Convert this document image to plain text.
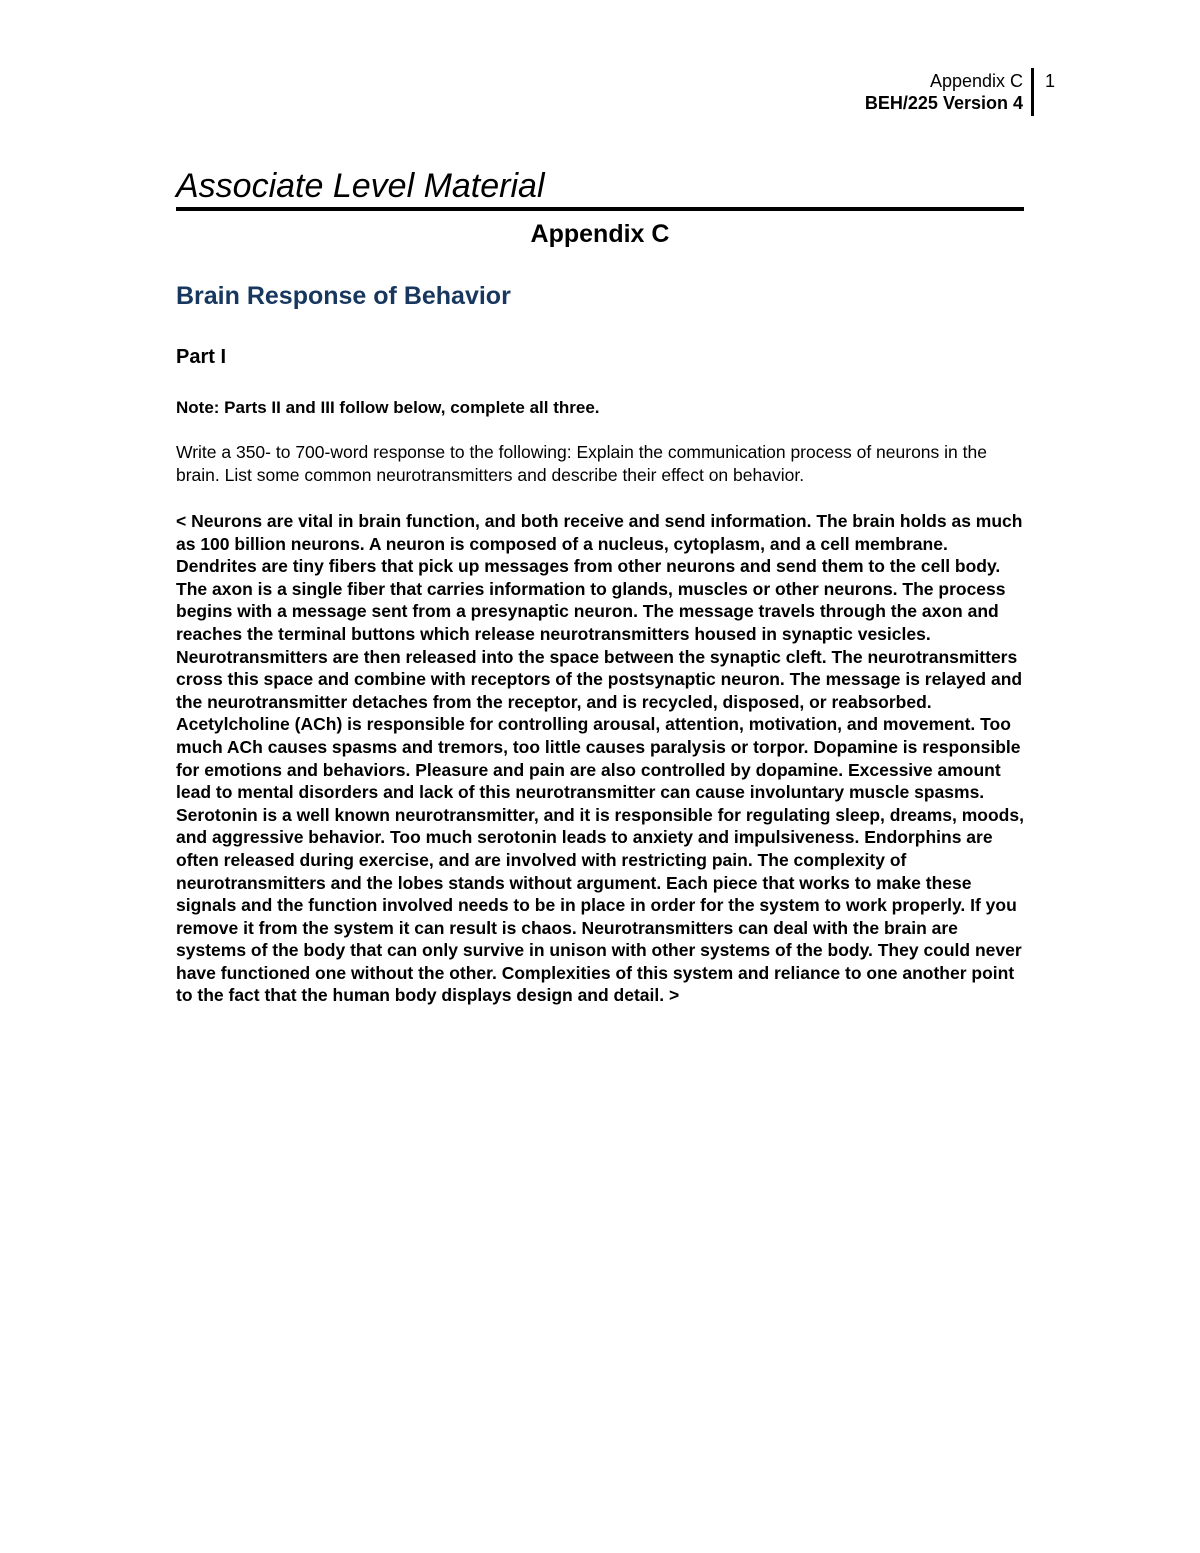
Appendix C
BEH/225 Version 4
1
Associate Level Material
Appendix C
Brain Response of Behavior
Part I

Note: Parts II and III follow below, complete all three.

Write a 350- to 700-word response to the following: Explain the communication process of neurons in the brain. List some common neurotransmitters and describe their effect on behavior.

< Neurons are vital in brain function, and both receive and send information. The brain holds as much as 100 billion neurons. A neuron is composed of a nucleus, cytoplasm, and a cell membrane. Dendrites are tiny fibers that pick up messages from other neurons and send them to the cell body. The axon is a single fiber that carries information to glands, muscles or other neurons. The process begins with a message sent from a presynaptic neuron. The message travels through the axon and reaches the terminal buttons which release neurotransmitters housed in synaptic vesicles. Neurotransmitters are then released into the space between the synaptic cleft. The neurotransmitters cross this space and combine with receptors of the postsynaptic neuron. The message is relayed and the neurotransmitter detaches from the receptor, and is recycled, disposed, or reabsorbed. Acetylcholine (ACh) is responsible for controlling arousal, attention, motivation, and movement. Too much ACh causes spasms and tremors, too little causes paralysis or torpor. Dopamine is responsible for emotions and behaviors. Pleasure and pain are also controlled by dopamine. Excessive amount lead to mental disorders and lack of this neurotransmitter can cause involuntary muscle spasms. Serotonin is a well known neurotransmitter, and it is responsible for regulating sleep, dreams, moods, and aggressive behavior. Too much serotonin leads to anxiety and impulsiveness. Endorphins are often released during exercise, and are involved with restricting pain. The complexity of neurotransmitters and the lobes stands without argument. Each piece that works to make these signals and the function involved needs to be in place in order for the system to work properly. If you remove it from the system it can result is chaos. Neurotransmitters can deal with the brain are systems of the body that can only survive in unison with other systems of the body. They could never have functioned one without the other. Complexities of this system and reliance to one another point to the fact that the human body displays design and detail. >
